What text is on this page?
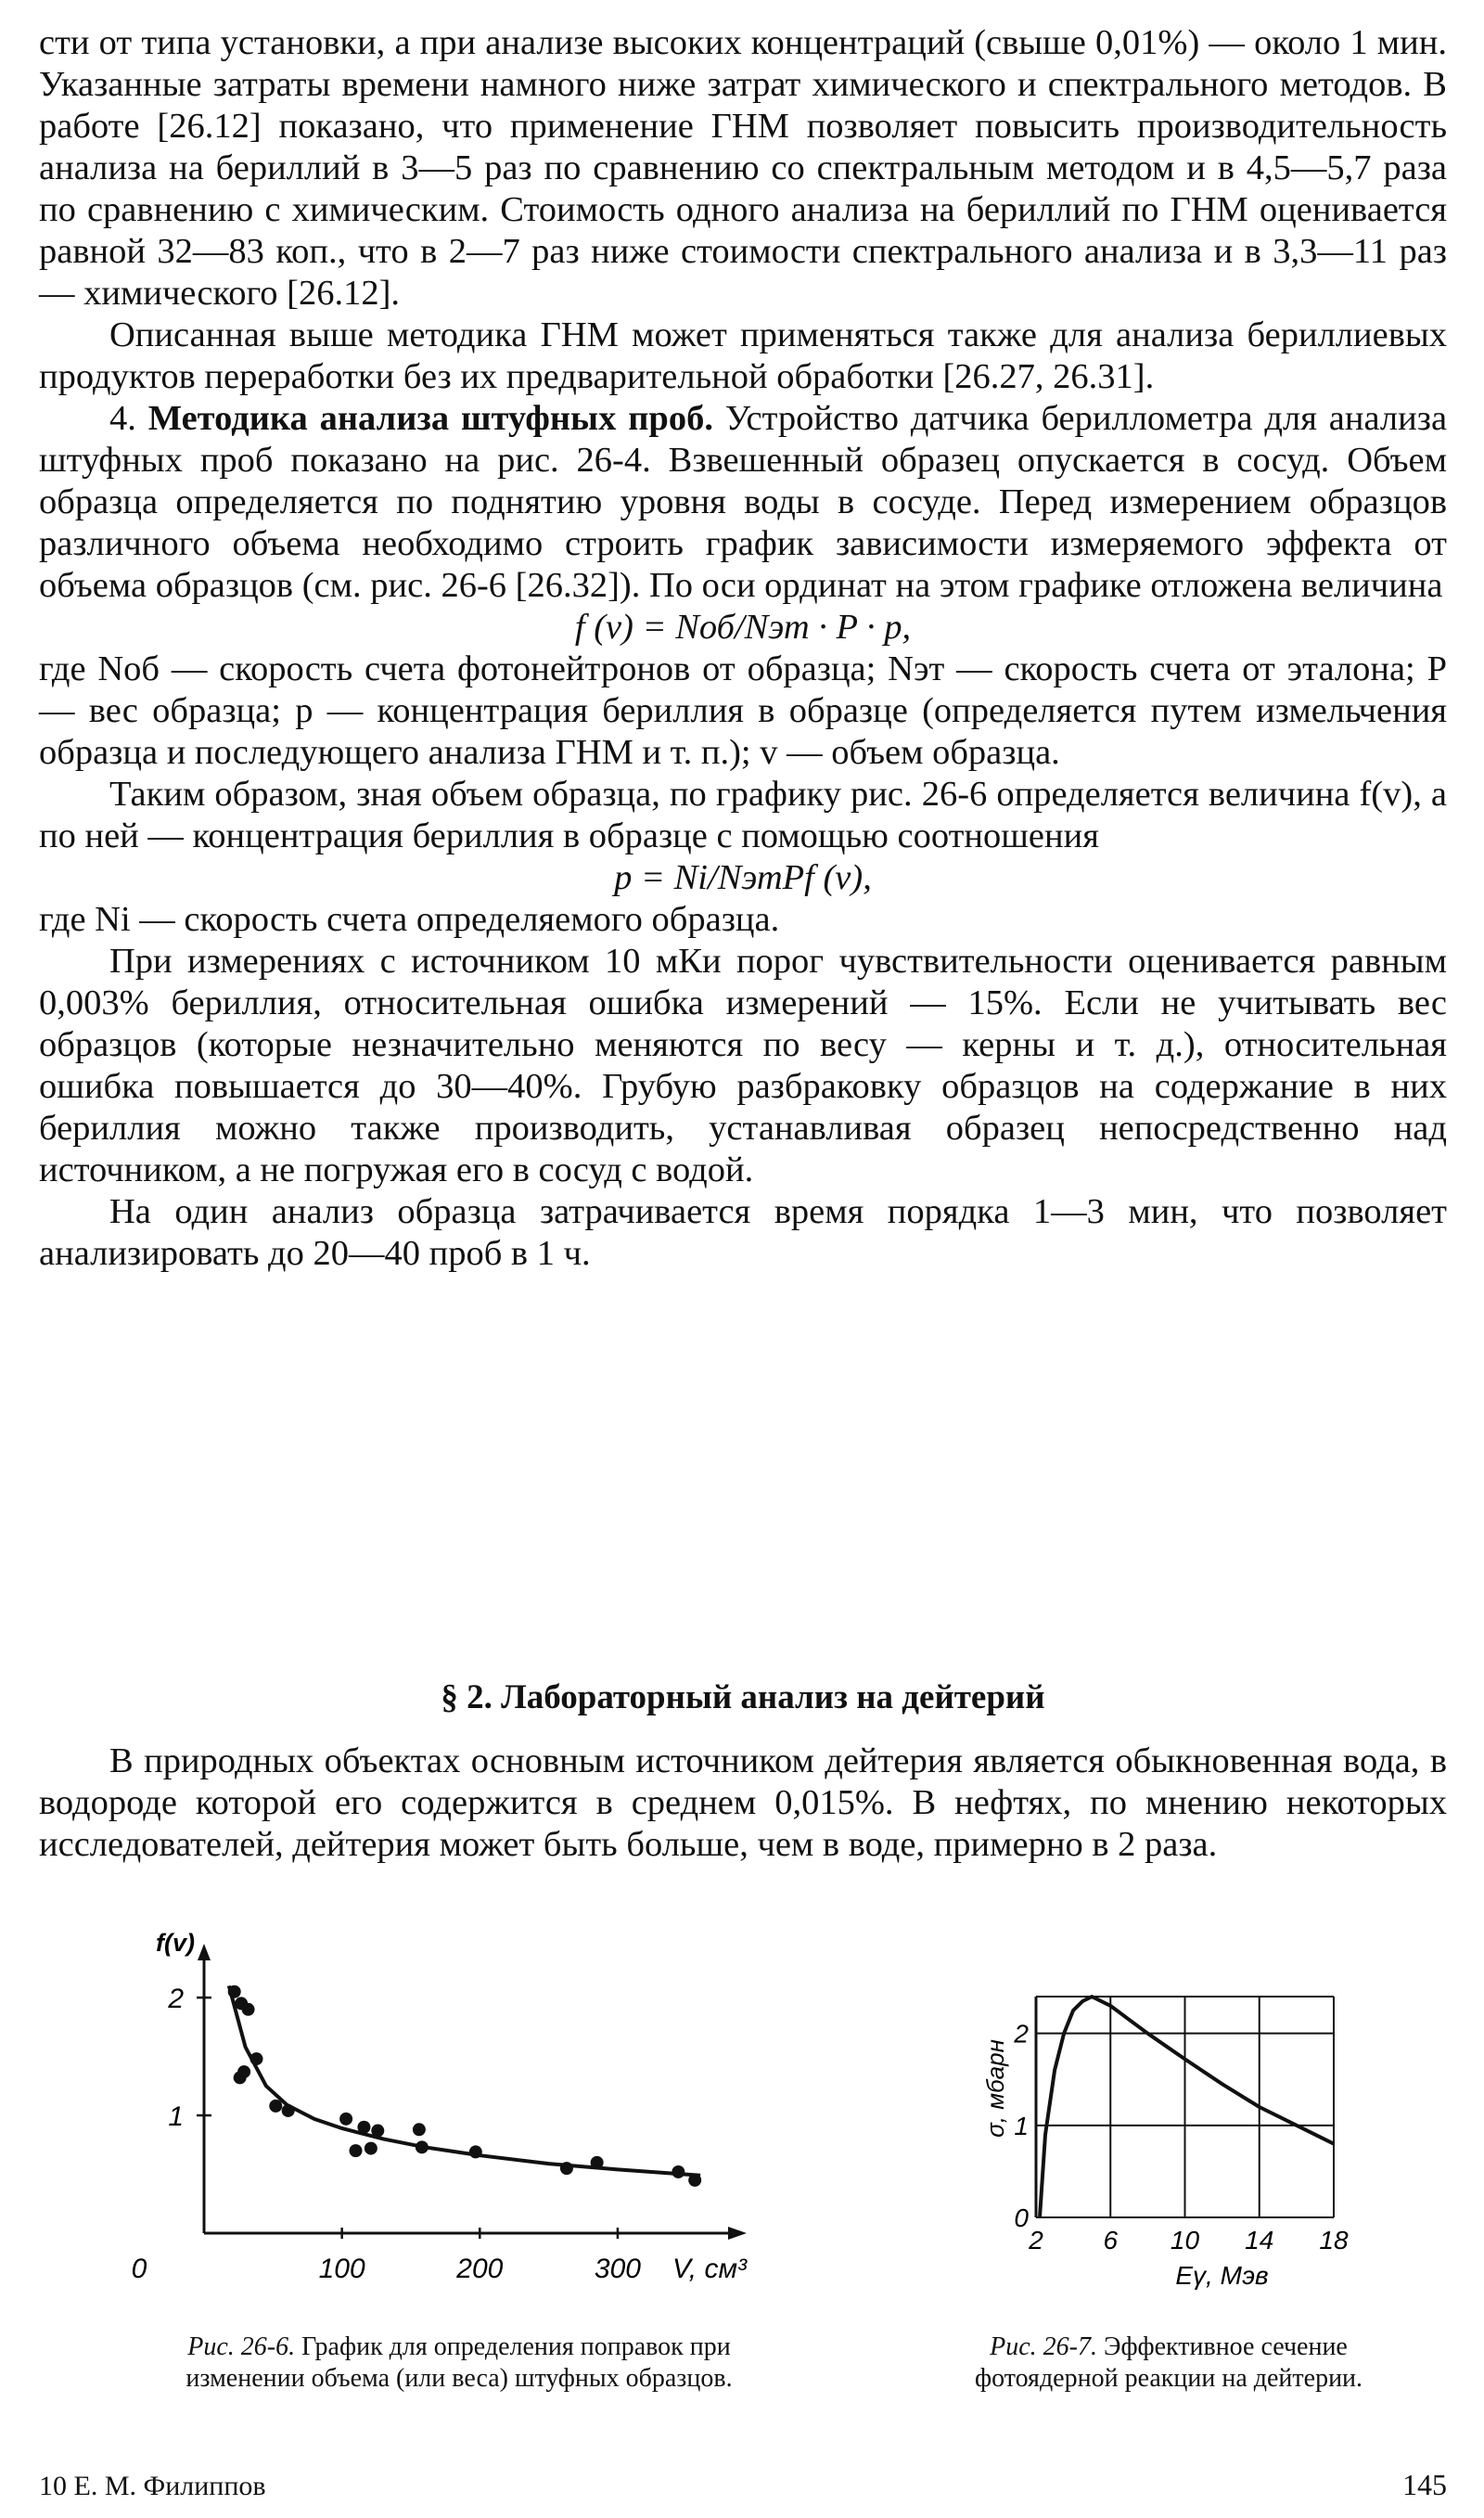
сти от типа установки, а при анализе высоких концентраций (свыше 0,01%) — около 1 мин. Указанные затраты времени намного ниже затрат химического и спектрального методов. В работе [26.12] показано, что применение ГНМ позволяет повысить производительность анализа на бериллий в 3—5 раз по сравнению со спектральным методом и в 4,5—5,7 раза по сравнению с химическим. Стоимость одного анализа на бериллий по ГНМ оценивается равной 32—83 коп., что в 2—7 раз ниже стоимости спектрального анализа и в 3,3—11 раз — химического [26.12].

Описанная выше методика ГНМ может применяться также для анализа бериллиевых продуктов переработки без их предварительной обработки [26.27, 26.31].

4. Методика анализа штуфных проб. Устройство датчика бериллометра для анализа штуфных проб показано на рис. 26-4. Взвешенный образец опускается в сосуд. Объем образца определяется по поднятию уровня воды в сосуде. Перед измерением образцов различного объема необходимо строить график зависимости измеряемого эффекта от объема образцов (см. рис. 26-6 [26.32]). По оси ординат на этом графике отложена величина

f (v) = Nоб/Nэт · P · p,

где Nоб — скорость счета фотонейтронов от образца; Nэт — скорость счета от эталона; P — вес образца; p — концентрация бериллия в образце (определяется путем измельчения образца и последующего анализа ГНМ и т. п.); v — объем образца.

Таким образом, зная объем образца, по графику рис. 26-6 определяется величина f(v), а по ней — концентрация бериллия в образце с помощью соотношения

p = Ni/NэтPf (v),

где Ni — скорость счета определяемого образца.

При измерениях с источником 10 мКи порог чувствительности оценивается равным 0,003% бериллия, относительная ошибка измерений — 15%. Если не учитывать вес образцов (которые незначительно меняются по весу — керны и т. д.), относительная ошибка повышается до 30—40%. Грубую разбраковку образцов на содержание в них бериллия можно также производить, устанавливая образец непосредственно над источником, а не погружая его в сосуд с водой.

На один анализ образца затрачивается время порядка 1—3 мин, что позволяет анализировать до 20—40 проб в 1 ч.

§ 2. Лабораторный анализ на дейтерий

В природных объектах основным источником дейтерия является обыкновенная вода, в водороде которой его содержится в среднем 0,015%. В нефтях, по мнению некоторых исследователей, дейтерия может быть больше, чем в воде, примерно в 2 раза.

1
2
0	100	200	300
f(v)
V, см³
Рис. 26-6. График для определения поправок при изменении объема (или веса) штуфных образцов.
0
1
2
2 6 10 14 18
σ, мбарн
Eγ, Мэв
Рис. 26-7. Эффективное сечение фотоядерной реакции на дейтерии.
10 Е. М. Филиппов	145
